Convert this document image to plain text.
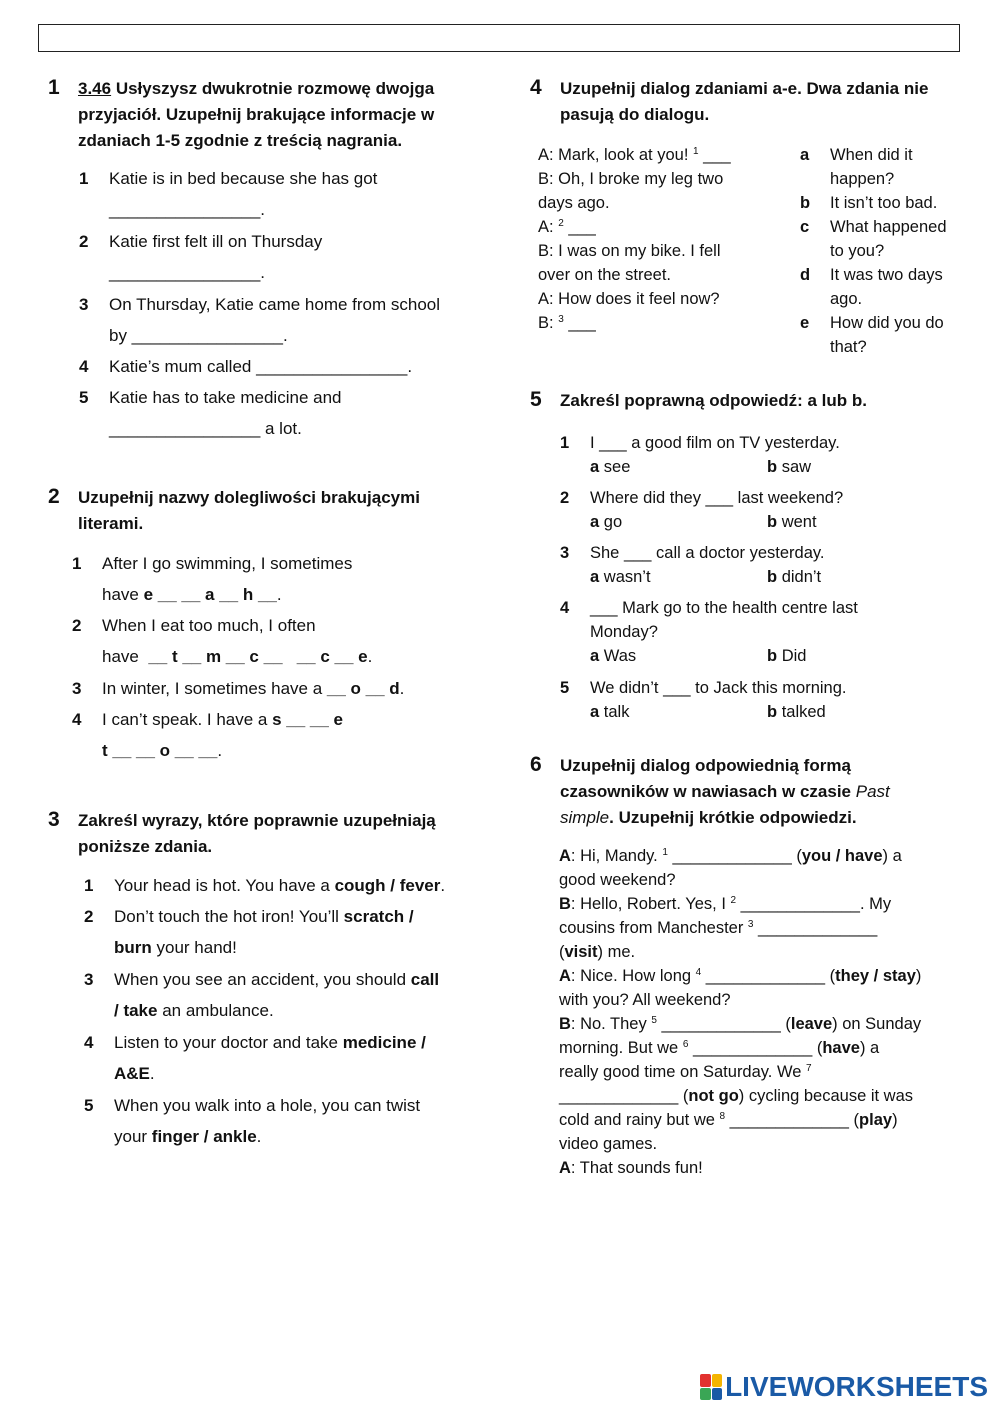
1 3.46 Usłyszysz dwukrotnie rozmowę dwojga
przyjaciół. Uzupełnij brakujące informacje w
zdaniach 1-5 zgodnie z treścią nagrania.
1 Katie is in bed because she has got
________________.
2 Katie first felt ill on Thursday
________________.
3 On Thursday, Katie came home from school
by ________________.
4 Katie’s mum called ________________.
5 Katie has to take medicine and
________________ a lot.
2 Uzupełnij nazwy dolegliwości brakującymi
literami.
1 After I go swimming, I sometimes
have e __ __ a __ h __.
2 When I eat too much, I often
have  __ t __ m __ c __   __ c __ e.
3 In winter, I sometimes have a __ o __ d.
4 I can’t speak. I have a s __ __ e
t __ __ o __ __.
3 Zakreśl wyrazy, które poprawnie uzupełniają
poniższe zdania.
1 Your head is hot. You have a cough / fever.
2 Don’t touch the hot iron! You’ll scratch /
burn your hand!
3 When you see an accident, you should call
/ take an ambulance.
4 Listen to your doctor and take medicine /
A&E.
5 When you walk into a hole, you can twist
your finger / ankle.
4 Uzupełnij dialog zdaniami a-e. Dwa zdania nie
pasują do dialogu.
A: Mark, look at you! $^1$ ___
B: Oh, I broke my leg two
days ago.
A: $^2$ ___
B: I was on my bike. I fell
over on the street.
A: How does it feel now?
B: $^3$ ___
a When did it
happen?
b It isn’t too bad.
c What happened
to you?
d It was two days
ago.
e How did you do
that?
5 Zakreśl poprawną odpowiedź: a lub b.
1 I ___ a good film on TV yesterday.
a see	b saw
2 Where did they ___ last weekend?
a go	b went
3 She ___ call a doctor yesterday.
a wasn’t	b didn’t
4 ___ Mark go to the health centre last
Monday?
a Was	b Did
5 We didn’t ___ to Jack this morning.
a talk	b talked
6 Uzupełnij dialog odpowiednią formą
czasowników w nawiasach w czasie Past
simple. Uzupełnij krótkie odpowiedzi.
A: Hi, Mandy. $^1$ _____________ (you / have) a
good weekend?
B: Hello, Robert. Yes, I $^2$ _____________. My
cousins from Manchester $^3$ _____________
(visit) me.
A: Nice. How long $^4$ _____________ (they / stay)
with you? All weekend?
B: No. They $^5$ _____________ (leave) on Sunday
morning. But we $^6$ _____________ (have) a
really good time on Saturday. We $^7$
_____________ (not go) cycling because it was
cold and rainy but we $^8$ _____________ (play)
video games.
A: That sounds fun!
LIVEWORKSHEETS
